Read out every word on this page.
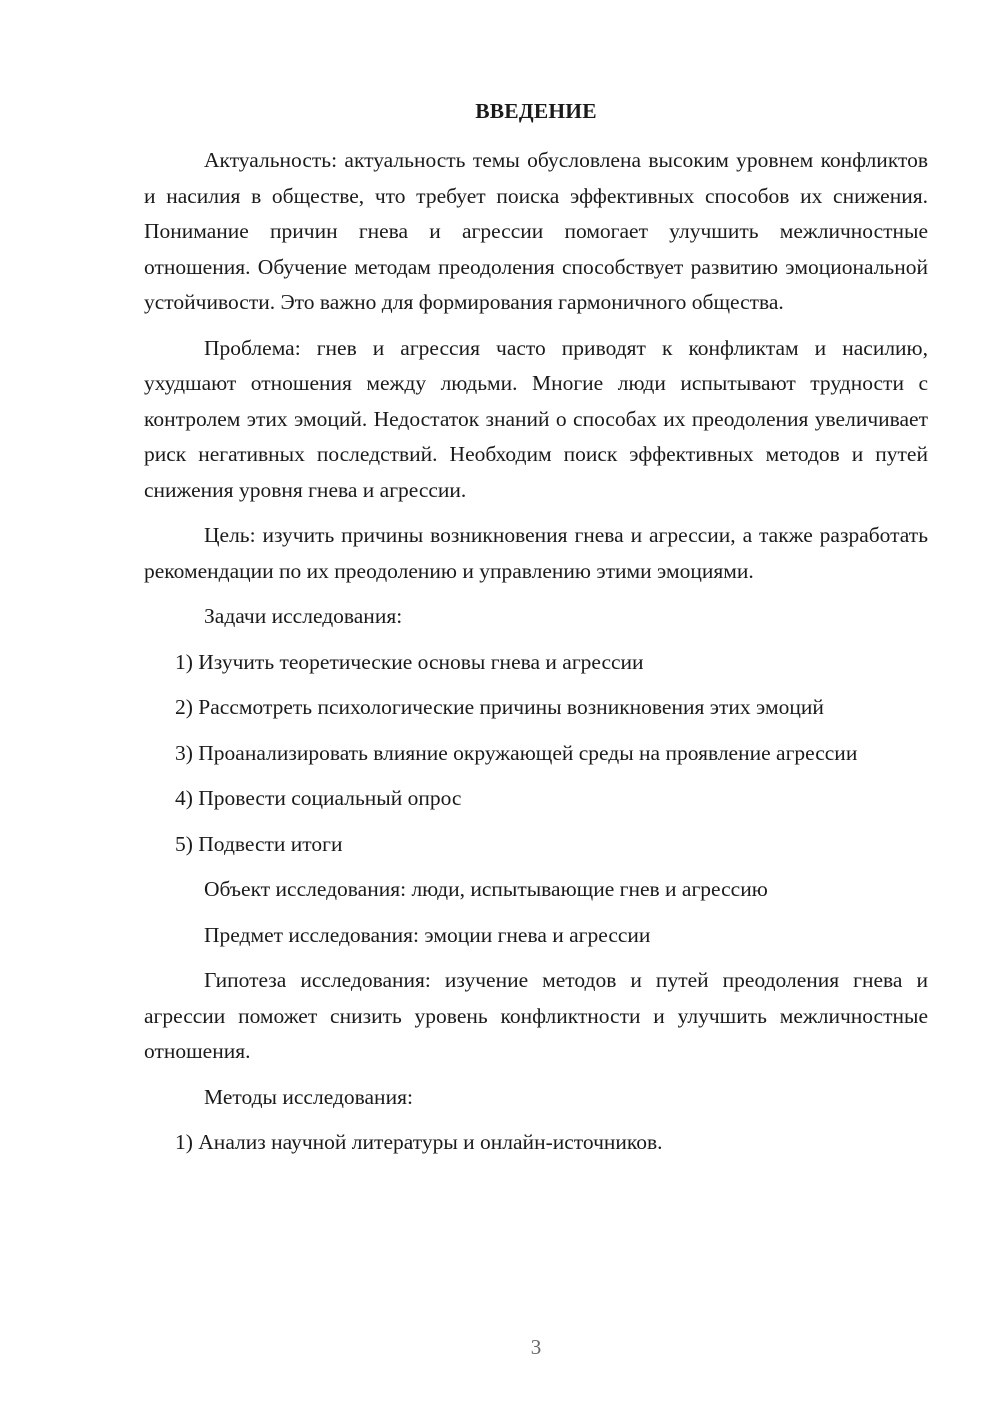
ВВЕДЕНИЕ

Актуальность: актуальность темы обусловлена высоким уровнем конфликтов и насилия в обществе, что требует поиска эффективных способов их снижения. Понимание причин гнева и агрессии помогает улучшить межличностные отношения. Обучение методам преодоления способствует развитию эмоциональной устойчивости. Это важно для формирования гармоничного общества.

Проблема: гнев и агрессия часто приводят к конфликтам и насилию, ухудшают отношения между людьми. Многие люди испытывают трудности с контролем этих эмоций. Недостаток знаний о способах их преодоления увеличивает риск негативных последствий. Необходим поиск эффективных методов и путей снижения уровня гнева и агрессии.

Цель: изучить причины возникновения гнева и агрессии, а также разработать рекомендации по их преодолению и управлению этими эмоциями.

Задачи исследования:

1) Изучить теоретические основы гнева и агрессии

2) Рассмотреть психологические причины возникновения этих эмоций

3) Проанализировать влияние окружающей среды на проявление агрессии

4) Провести социальный опрос

5) Подвести итоги

Объект исследования: люди, испытывающие гнев и агрессию

Предмет исследования: эмоции гнева и агрессии

Гипотеза исследования: изучение методов и путей преодоления гнева и агрессии поможет снизить уровень конфликтности и улучшить межличностные отношения.

Методы исследования:

1) Анализ научной литературы и онлайн-источников.

3
